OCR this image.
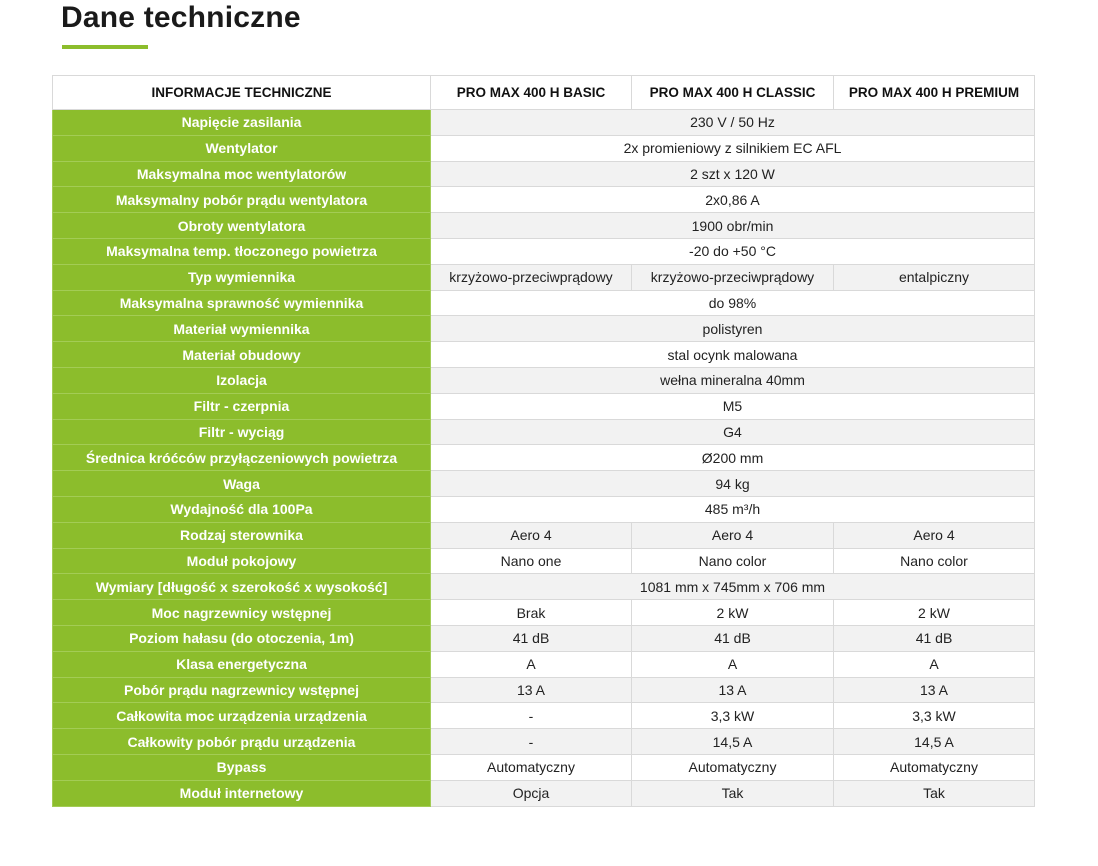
Dane techniczne
INFORMACJE TECHNICZNE	PRO MAX 400 H BASIC	PRO MAX 400 H CLASSIC	PRO MAX 400 H PREMIUM
Napięcie zasilania	230 V / 50 Hz		
Wentylator	2x promieniowy z silnikiem EC AFL		
Maksymalna moc wentylatorów	2 szt x 120 W		
Maksymalny pobór prądu wentylatora	2x0,86 A		
Obroty wentylatora	1900 obr/min		
Maksymalna temp. tłoczonego powietrza	-20 do +50 °C		
Typ wymiennika	krzyżowo-przeciwprądowy	krzyżowo-przeciwprądowy	entalpiczny
Maksymalna sprawność wymiennika	do 98%		
Materiał wymiennika	polistyren		
Materiał obudowy	stal ocynk malowana		
Izolacja	wełna mineralna 40mm		
Filtr - czerpnia	M5		
Filtr - wyciąg	G4		
Średnica króćców przyłączeniowych powietrza	Ø200 mm		
Waga	94 kg		
Wydajność dla 100Pa	485 m³/h		
Rodzaj sterownika	Aero 4	Aero 4	Aero 4
Moduł pokojowy	Nano one	Nano color	Nano color
Wymiary [długość x szerokość x wysokość]	1081 mm x 745mm x 706 mm		
Moc nagrzewnicy wstępnej	Brak	2 kW	2 kW
Poziom hałasu (do otoczenia, 1m)	41 dB	41 dB	41 dB
Klasa energetyczna	A	A	A
Pobór prądu nagrzewnicy wstępnej	13 A	13 A	13 A
Całkowita moc urządzenia urządzenia	-	3,3 kW	3,3 kW
Całkowity pobór prądu urządzenia	-	14,5 A	14,5 A
Bypass	Automatyczny	Automatyczny	Automatyczny
Moduł internetowy	Opcja	Tak	Tak
